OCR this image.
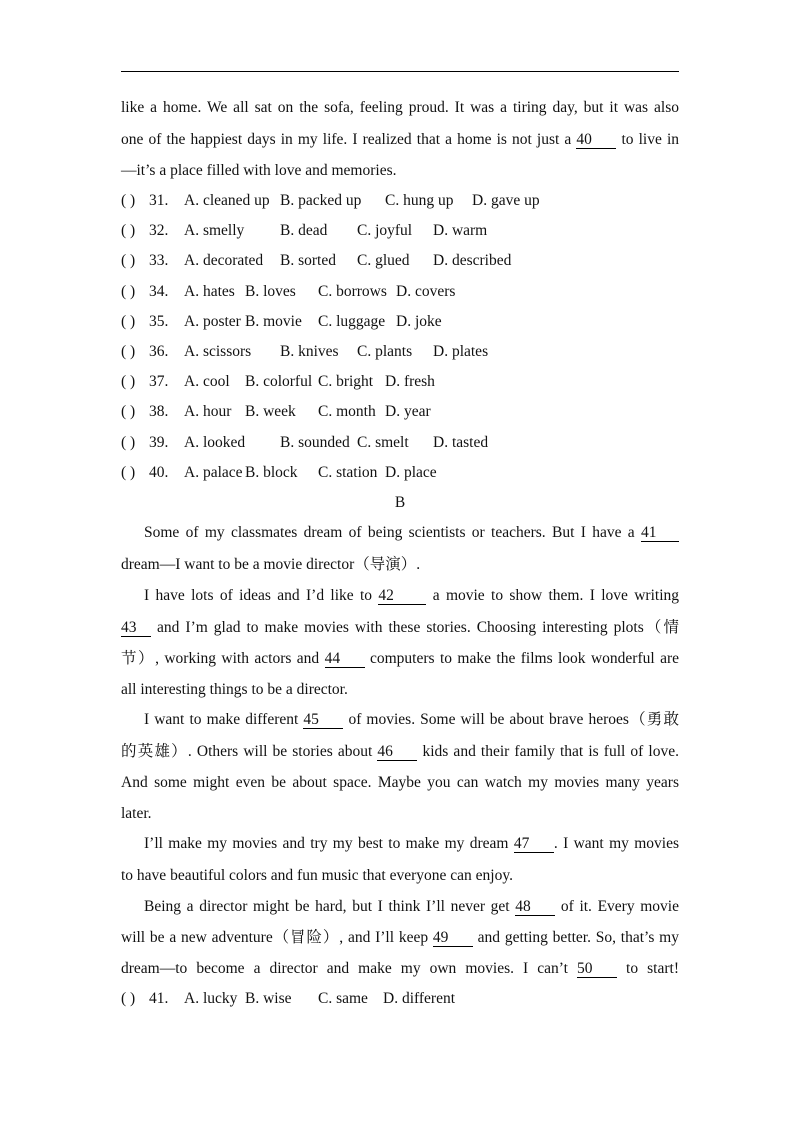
like a home. We all sat on the sofa, feeling proud. It was a tiring day, but it was also
one of the happiest days in my life. I realized that a home is not just a 40 to live in
—it’s a place filled with love and memories.
( ) 31. A. cleaned up B. packed up C. hung up D. gave up
( ) 32. A. smelly B. dead C. joyful D. warm
( ) 33. A. decorated B. sorted C. glued D. described
( ) 34. A. hates B. loves C. borrows D. covers
( ) 35. A. poster B. movie C. luggage D. joke
( ) 36. A. scissors B. knives C. plants D. plates
( ) 37. A. cool B. colorful C. bright D. fresh
( ) 38. A. hour B. week C. month D. year
( ) 39. A. looked B. sounded C. smelt D. tasted
( ) 40. A. palace B. block C. station D. place
B
Some of my classmates dream of being scientists or teachers. But I have a 41
dream—I want to be a movie director（导演）.
I have lots of ideas and I’d like to 42 a movie to show them. I love writing
43 and I’m glad to make movies with these stories. Choosing interesting plots（情
节）, working with actors and 44 computers to make the films look wonderful are
all interesting things to be a director.
I want to make different 45 of movies. Some will be about brave heroes（勇敢
的英雄）. Others will be stories about 46 kids and their family that is full of love.
And some might even be about space. Maybe you can watch my movies many years
later.
I’ll make my movies and try my best to make my dream 47 . I want my movies
to have beautiful colors and fun music that everyone can enjoy.
Being a director might be hard, but I think I’ll never get 48 of it. Every movie
will be a new adventure（冒险）, and I’ll keep 49 and getting better. So, that’s my
dream—to become a director and make my own movies. I can’t 50 to start!
( ) 41. A. lucky B. wise C. same D. different
